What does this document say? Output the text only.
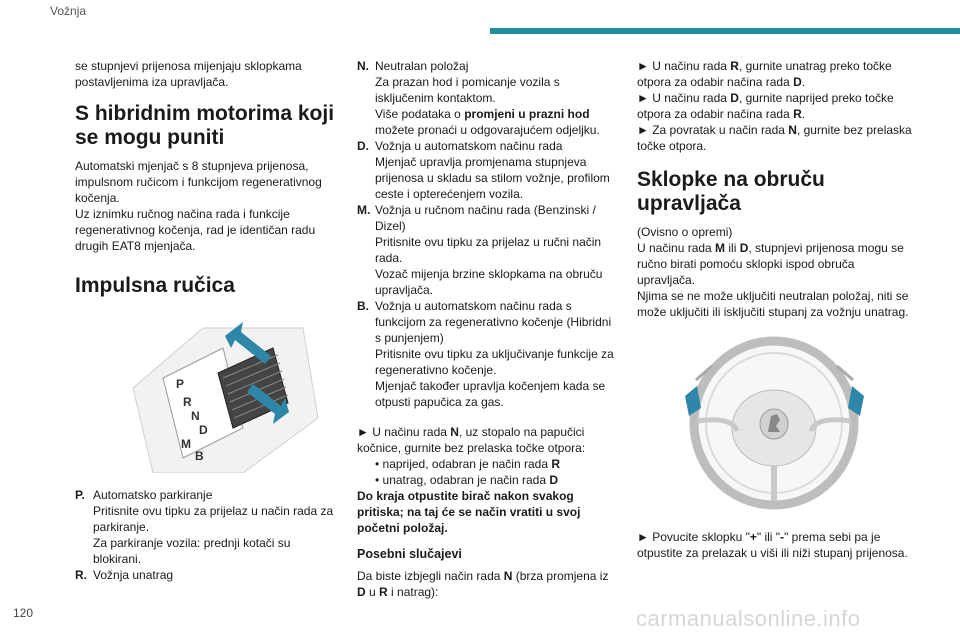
Vožnja

se stupnjevi prijenosa mijenjaju sklopkama postavljenima iza upravljača.

S hibridnim motorima koji se mogu puniti

Automatski mjenjač s 8 stupnjeva prijenosa, impulsnom ručicom i funkcijom regenerativnog kočenja.

Uz iznimku ručnog načina rada i funkcije regenerativnog kočenja, rad je identičan radu drugih EAT8 mjenjača.

Impulsna ručica
P
R
N
D
M
B
P. Automatsko parkiranje
Pritisnite ovu tipku za prijelaz u način rada za parkiranje.
Za parkiranje vozila: prednji kotači su blokirani.
R. Vožnja unatrag
N. Neutralan položaj
Za prazan hod i pomicanje vozila s isključenim kontaktom.
Više podataka o promjeni u prazni hod možete pronaći u odgovarajućem odjeljku.
D. Vožnja u automatskom načinu rada
Mjenjač upravlja promjenama stupnjeva prijenosa u skladu sa stilom vožnje, profilom ceste i opterećenjem vozila.
M. Vožnja u ručnom načinu rada (Benzinski / Dizel)
Pritisnite ovu tipku za prijelaz u ručni način rada.
Vozač mijenja brzine sklopkama na obruču upravljača.
B. Vožnja u automatskom načinu rada s funkcijom za regenerativno kočenje (Hibridni s punjenjem)
Pritisnite ovu tipku za uključivanje funkcije za regenerativno kočenje.
Mjenjač također upravlja kočenjem kada se otpusti papučica za gas.

► U načinu rada N, uz stopalo na papučici kočnice, gurnite bez prelaska točke otpora:

• naprijed, odabran je način rada R

• unatrag, odabran je način rada D

Do kraja otpustite birač nakon svakog pritiska; na taj će se način vratiti u svoj početni položaj.

Posebni slučajevi

Da biste izbjegli način rada N (brza promjena iz D u R i natrag):

► U načinu rada R, gurnite unatrag preko točke otpora za odabir načina rada D.

► U načinu rada D, gurnite naprijed preko točke otpora za odabir načina rada R.

► Za povratak u način rada N, gurnite bez prelaska točke otpora.

Sklopke na obruču upravljača

(Ovisno o opremi)

U načinu rada M ili D, stupnjevi prijenosa mogu se ručno birati pomoću sklopki ispod obruča upravljača.

Njima se ne može uključiti neutralan položaj, niti se može uključiti ili isključiti stupanj za vožnju unatrag.

► Povucite sklopku "+" ili "-" prema sebi pa je otpustite za prelazak u viši ili niži stupanj prijenosa.

120	carmanualsonline.info
